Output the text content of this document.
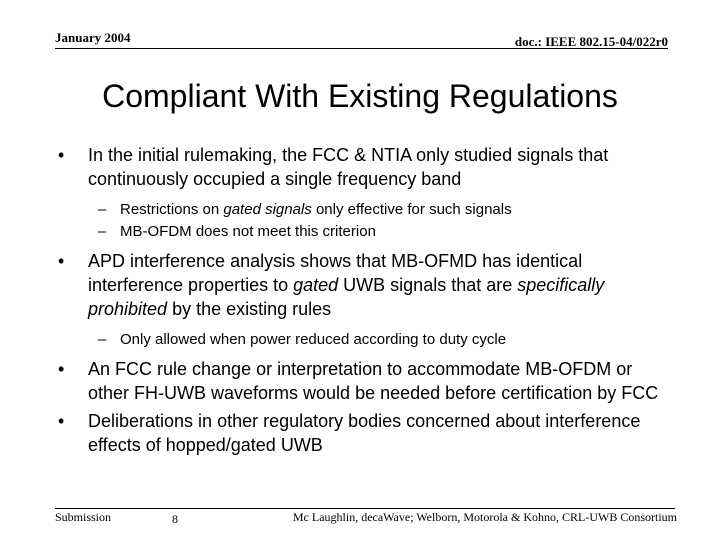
January 2004	doc.: IEEE 802.15-04/022r0
Compliant With Existing Regulations

• In the initial rulemaking, the FCC & NTIA only studied signals that continuously occupied a single frequency band

– Restrictions on gated signals only effective for such signals

– MB-OFDM does not meet this criterion

• APD interference analysis shows that MB-OFMD has identical interference properties to gated UWB signals that are specifically prohibited by the existing rules

– Only allowed when power reduced according to duty cycle

• An FCC rule change or interpretation to accommodate MB-OFDM or other FH-UWB waveforms would be needed before certification by FCC

• Deliberations in other regulatory bodies concerned about interference effects of hopped/gated UWB

Submission	8	Mc Laughlin, decaWave; Welborn, Motorola & Kohno, CRL-UWB Consortium
